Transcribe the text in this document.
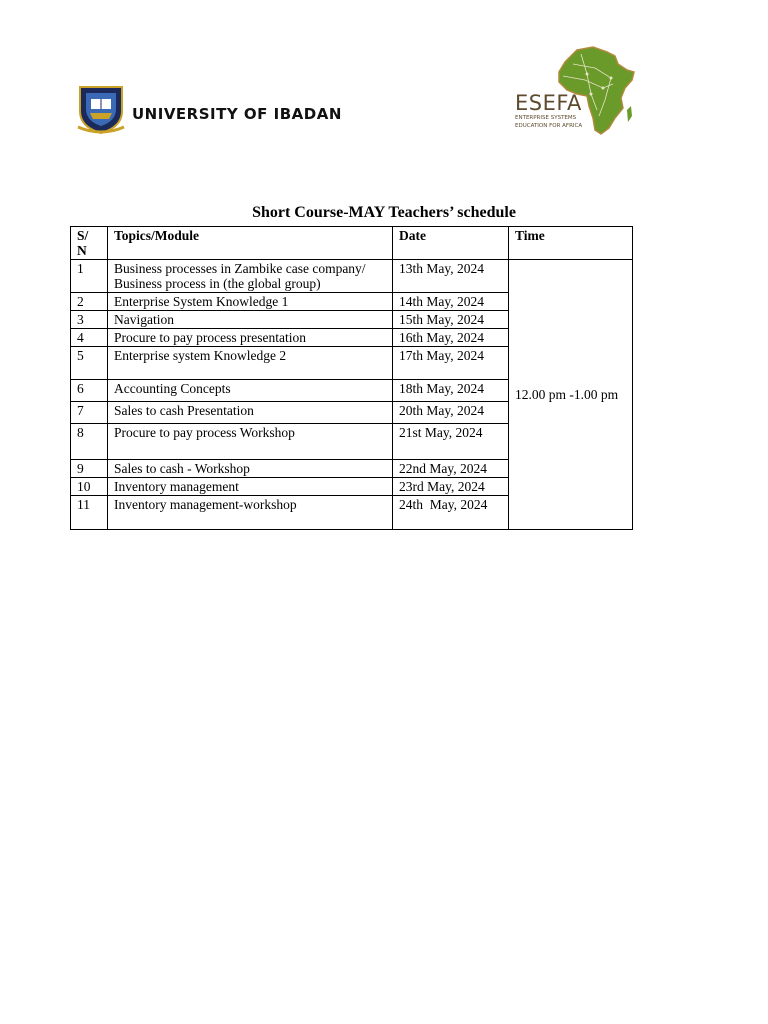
UNIVERSITY OF IBADAN	ESEFA
ENTERPRISE SYSTEMS
EDUCATION FOR AFRICA
Short Course-MAY Teachers’ schedule
S/
N	Topics/Module	Date	Time
1	Business processes in Zambike case company/
Business process in (the global group)	13th May, 2024	12.00 pm -1.00 pm
2	Enterprise System Knowledge 1	14th May, 2024	
3	Navigation	15th May, 2024	
4	Procure to pay process presentation	16th May, 2024	
5	Enterprise system Knowledge 2	17th May, 2024	
6	Accounting Concepts	18th May, 2024	
7	Sales to cash Presentation	20th May, 2024	
8	Procure to pay process Workshop	21st May, 2024	
9	Sales to cash - Workshop	22nd May, 2024	
10	Inventory management	23rd May, 2024	
11	Inventory management-workshop	24th  May, 2024	
